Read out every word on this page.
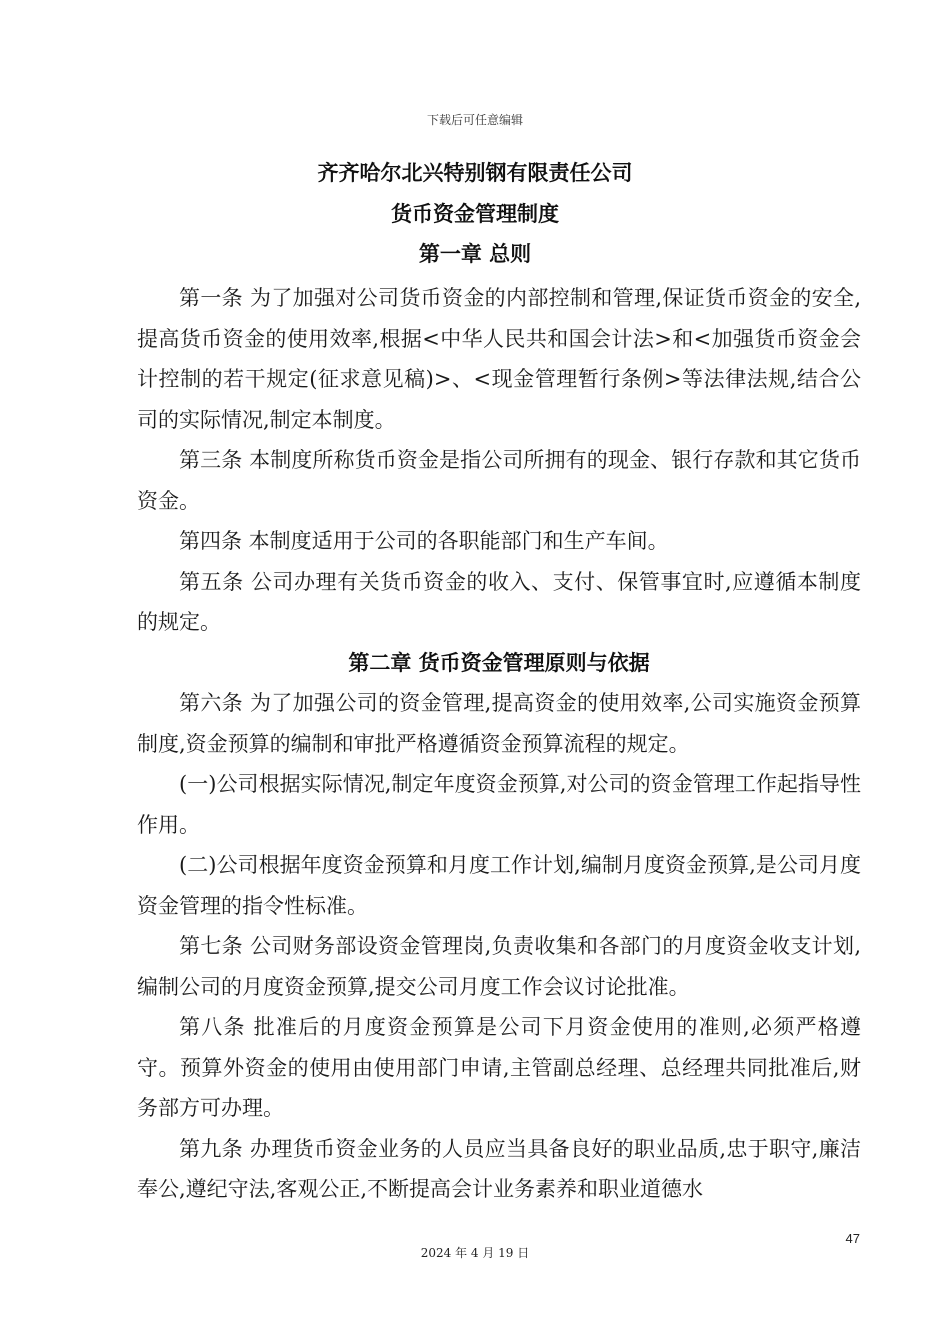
下载后可任意编辑
齐齐哈尔北兴特别钢有限责任公司
货币资金管理制度
第一章 总则

第一条 为了加强对公司货币资金的内部控制和管理,保证货币资金的安全,提高货币资金的使用效率,根据<中华人民共和国会计法>和<加强货币资金会计控制的若干规定(征求意见稿)>、<现金管理暂行条例>等法律法规,结合公司的实际情况,制定本制度。

第三条 本制度所称货币资金是指公司所拥有的现金、银行存款和其它货币资金。

第四条 本制度适用于公司的各职能部门和生产车间。

第五条 公司办理有关货币资金的收入、支付、保管事宜时,应遵循本制度的规定。

第二章 货币资金管理原则与依据

第六条 为了加强公司的资金管理,提高资金的使用效率,公司实施资金预算制度,资金预算的编制和审批严格遵循资金预算流程的规定。

(一)公司根据实际情况,制定年度资金预算,对公司的资金管理工作起指导性作用。

(二)公司根据年度资金预算和月度工作计划,编制月度资金预算,是公司月度资金管理的指令性标准。

第七条 公司财务部设资金管理岗,负责收集和各部门的月度资金收支计划,编制公司的月度资金预算,提交公司月度工作会议讨论批准。

第八条 批准后的月度资金预算是公司下月资金使用的准则,必须严格遵守。预算外资金的使用由使用部门申请,主管副总经理、总经理共同批准后,财务部方可办理。

第九条 办理货币资金业务的人员应当具备良好的职业品质,忠于职守,廉洁奉公,遵纪守法,客观公正,不断提高会计业务素养和职业道德水

47
2024 年 4 月 19 日
